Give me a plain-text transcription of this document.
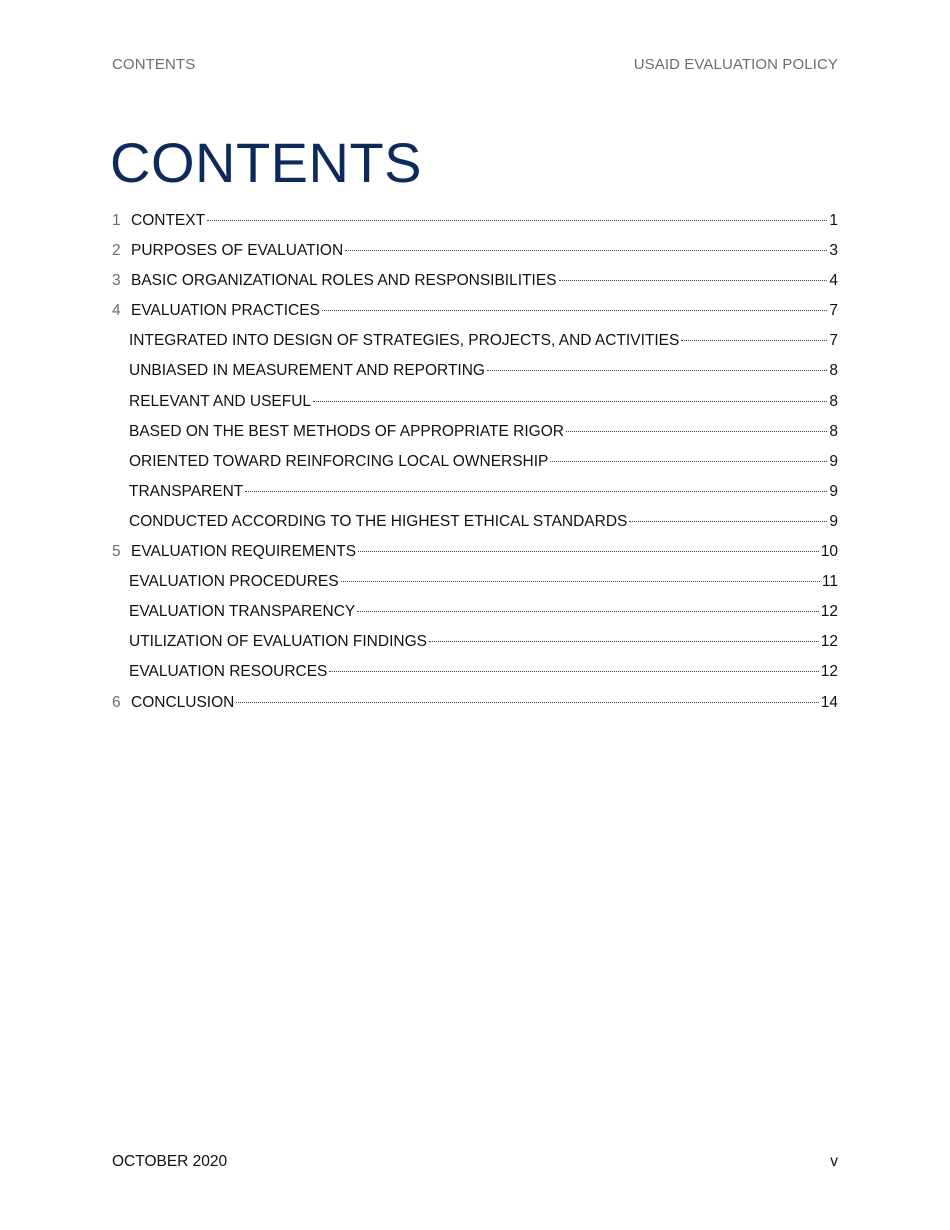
CONTENTS	USAID EVALUATION POLICY
CONTENTS
1 CONTEXT	1
2 PURPOSES OF EVALUATION	3
3 BASIC ORGANIZATIONAL ROLES AND RESPONSIBILITIES	4
4 EVALUATION PRACTICES	7
INTEGRATED INTO DESIGN OF STRATEGIES, PROJECTS, AND ACTIVITIES	7
UNBIASED IN MEASUREMENT AND REPORTING	8
RELEVANT AND USEFUL	8
BASED ON THE BEST METHODS OF APPROPRIATE RIGOR	8
ORIENTED TOWARD REINFORCING LOCAL OWNERSHIP	9
TRANSPARENT	9
CONDUCTED ACCORDING TO THE HIGHEST ETHICAL STANDARDS	9
5 EVALUATION REQUIREMENTS	10
EVALUATION PROCEDURES	11
EVALUATION TRANSPARENCY	12
UTILIZATION OF EVALUATION FINDINGS	12
EVALUATION RESOURCES	12
6 CONCLUSION	14
OCTOBER 2020	v
